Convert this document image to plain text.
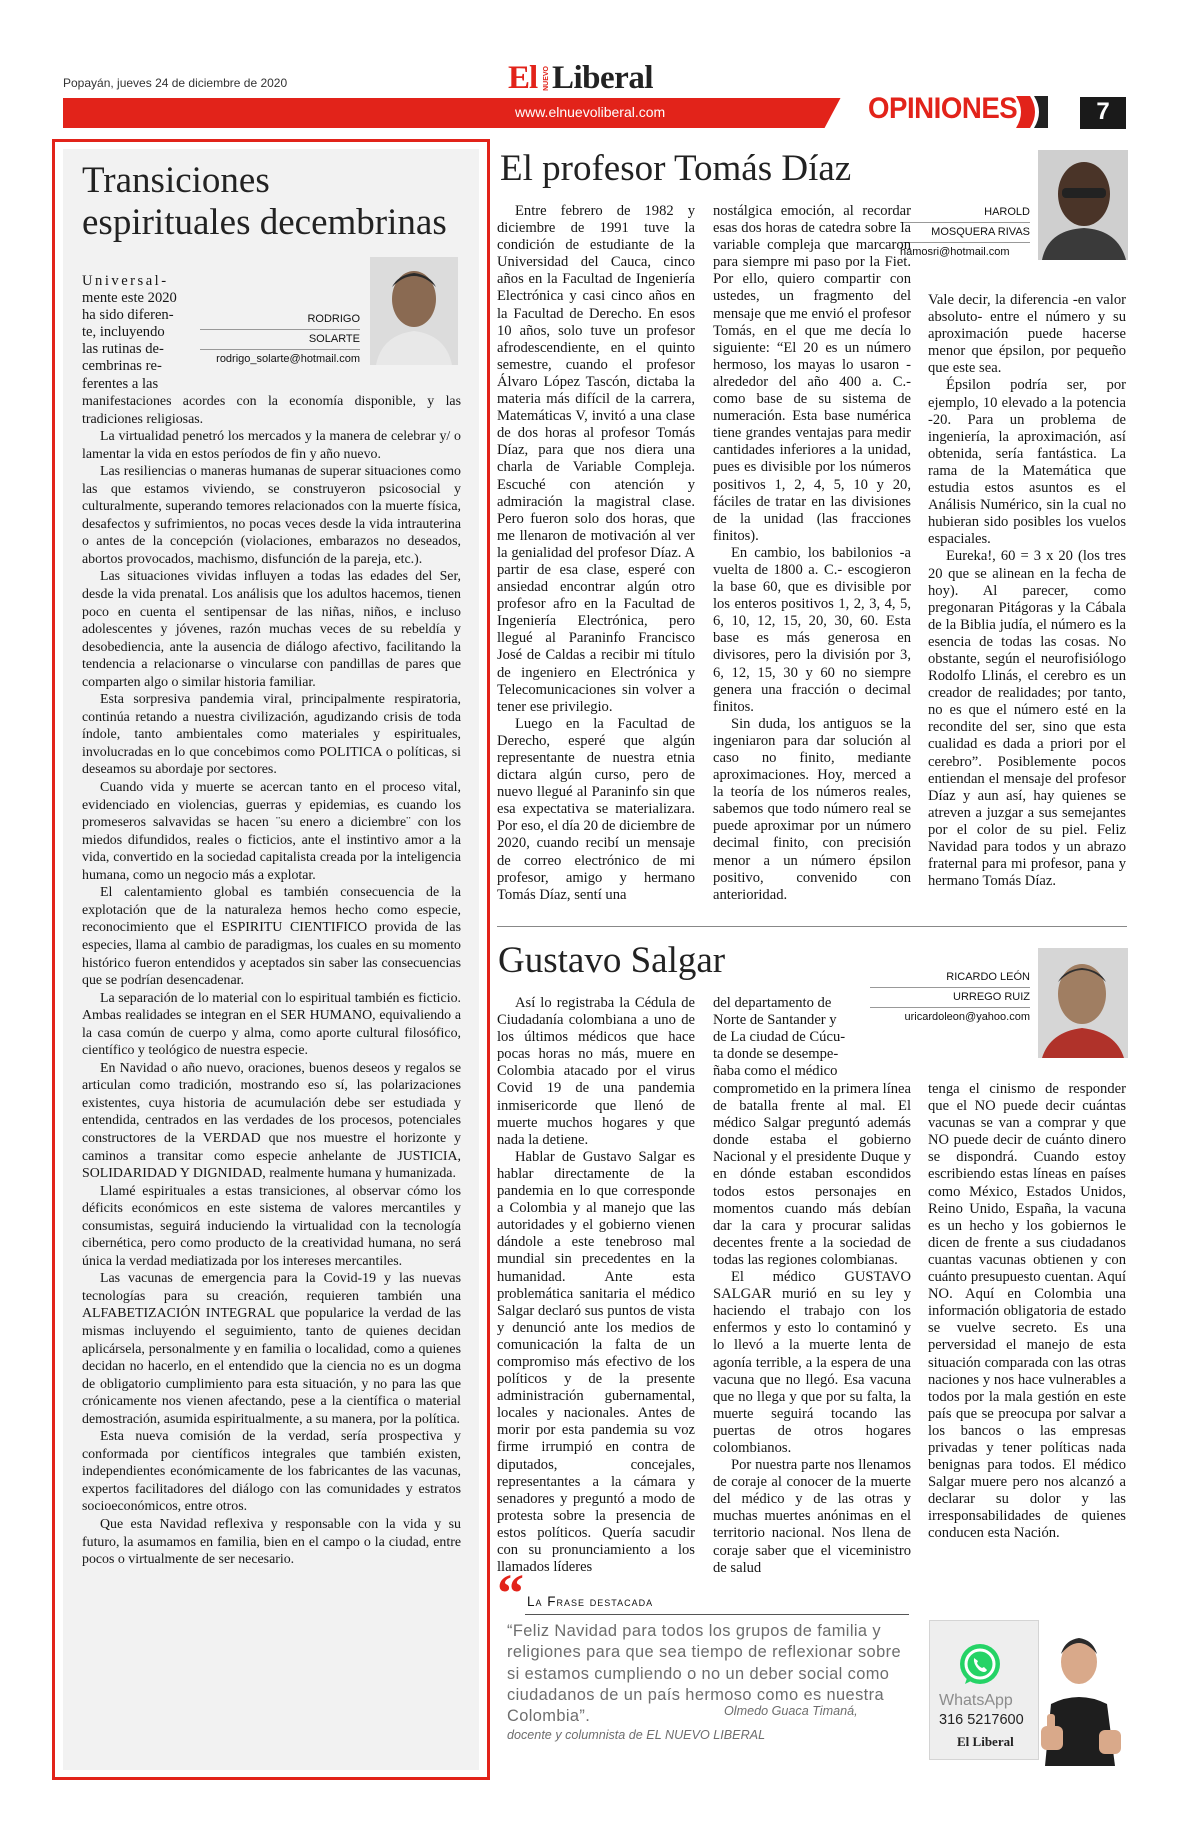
Popayán, jueves 24 de diciembre de 2020	El NUEVO Liberal
www.elnuevoliberal.com	OPINIONES	7
Transiciones
espirituales decembrinas
RODRIGO
SOLARTE
rodrigo_solarte@hotmail.com
Universal-
mente este 2020
ha sido diferen-
te, incluyendo
las rutinas de-
cembrinas re-
ferentes a las

manifestaciones acordes con la economía disponible, y las tradiciones religiosas.

La virtualidad penetró los mercados y la manera de celebrar y/ o lamentar la vida en estos períodos de fin y año nuevo.

Las resiliencias o maneras humanas de superar situaciones como las que estamos viviendo, se construyeron psicosocial y culturalmente, superando temores relacionados con la muerte física, desafectos y sufrimientos, no pocas veces desde la vida intrauterina o antes de la concepción (violaciones, embarazos no deseados, abortos provocados, machismo, disfunción de la pareja, etc.).

Las situaciones vividas influyen a todas las edades del Ser, desde la vida prenatal. Los análisis que los adultos hacemos, tienen poco en cuenta el sentipensar de las niñas, niños, e incluso adolescentes y jóvenes, razón muchas veces de su rebeldía y desobediencia, ante la ausencia de diálogo afectivo, facilitando la tendencia a relacionarse o vincularse con pandillas de pares que comparten algo o similar historia familiar.

Esta sorpresiva pandemia viral, principalmente respiratoria, continúa retando a nuestra civilización, agudizando crisis de toda índole, tanto ambientales como materiales y espirituales, involucradas en lo que concebimos como POLITICA o políticas, si deseamos su abordaje por sectores.

Cuando vida y muerte se acercan tanto en el proceso vital, evidenciado en violencias, guerras y epidemias, es cuando los promeseros salvavidas se hacen ¨su enero a diciembre¨ con los miedos difundidos, reales o ficticios, ante el instintivo amor a la vida, convertido en la sociedad capitalista creada por la inteligencia humana, como un negocio más a explotar.

El calentamiento global es también consecuencia de la explotación que de la naturaleza hemos hecho como especie, reconocimiento que el ESPIRITU CIENTIFICO provida de las especies, llama al cambio de paradigmas, los cuales en su momento histórico fueron entendidos y aceptados sin saber las consecuencias que se podrían desencadenar.

La separación de lo material con lo espiritual también es ficticio. Ambas realidades se integran en el SER HUMANO, equivaliendo a la casa común de cuerpo y alma, como aporte cultural filosófico, científico y teológico de nuestra especie.

En Navidad o año nuevo, oraciones, buenos deseos y regalos se articulan como tradición, mostrando eso sí, las polarizaciones existentes, cuya historia de acumulación debe ser estudiada y entendida, centrados en las verdades de los procesos, potenciales constructores de la VERDAD que nos muestre el horizonte y caminos a transitar como especie anhelante de JUSTICIA, SOLIDARIDAD Y DIGNIDAD, realmente humana y humanizada.

Llamé espirituales a estas transiciones, al observar cómo los déficits económicos en este sistema de valores mercantiles y consumistas, seguirá induciendo la virtualidad con la tecnología cibernética, pero como producto de la creatividad humana, no será única la verdad mediatizada por los intereses mercantiles.

Las vacunas de emergencia para la Covid-19 y las nuevas tecnologías para su creación, requieren también una ALFABETIZACIÓN INTEGRAL que popularice la verdad de las mismas incluyendo el seguimiento, tanto de quienes decidan aplicársela, personalmente y en familia o localidad, como a quienes decidan no hacerlo, en el entendido que la ciencia no es un dogma de obligatorio cumplimiento para esta situación, y no para las que crónicamente nos vienen afectando, pese a la científica o material demostración, asumida espiritualmente, a su manera, por la política.

Esta nueva comisión de la verdad, sería prospectiva y conformada por científicos integrales que también existen, independientes económicamente de los fabricantes de las vacunas, expertos facilitadores del diálogo con las comunidades y estratos socioeconómicos, entre otros.

Que esta Navidad reflexiva y responsable con la vida y su futuro, la asumamos en familia, bien en el campo o la ciudad, entre pocos o virtualmente de ser necesario.

El profesor Tomás Díaz
HAROLD
MOSQUERA RIVAS
hamosri@hotmail.com

Entre febrero de 1982 y diciembre de 1991 tuve la condición de estudiante de la Universidad del Cauca, cinco años en la Facultad de Ingeniería Electrónica y casi cinco años en la Facultad de Derecho. En esos 10 años, solo tuve un profesor afrodescendiente, en el quinto semestre, cuando el profesor Álvaro López Tascón, dictaba la materia más difícil de la carrera, Matemáticas V, invitó a una clase de dos horas al profesor Tomás Díaz, para que nos diera una charla de Variable Compleja. Escuché con atención y admiración la magistral clase. Pero fueron solo dos horas, que me llenaron de motivación al ver la genialidad del profesor Díaz. A partir de esa clase, esperé con ansiedad encontrar algún otro profesor afro en la Facultad de Ingeniería Electrónica, pero llegué al Paraninfo Francisco José de Caldas a recibir mi título de ingeniero en Electrónica y Telecomunicaciones sin volver a tener ese privilegio.

Luego en la Facultad de Derecho, esperé que algún representante de nuestra etnia dictara algún curso, pero de nuevo llegué al Paraninfo sin que esa expectativa se materializara. Por eso, el día 20 de diciembre de 2020, cuando recibí un mensaje de correo electrónico de mi profesor, amigo y hermano Tomás Díaz, sentí una

nostálgica emoción, al recordar esas dos horas de catedra sobre la variable compleja que marcaron para siempre mi paso por la Fiet. Por ello, quiero compartir con ustedes, un fragmento del mensaje que me envió el profesor Tomás, en el que me decía lo siguiente: “El 20 es un número hermoso, los mayas lo usaron -alrededor del año 400 a. C.- como base de su sistema de numeración. Esta base numérica tiene grandes ventajas para medir cantidades inferiores a la unidad, pues es divisible por los números positivos 1, 2, 4, 5, 10 y 20, fáciles de tratar en las divisiones de la unidad (las fracciones finitos).

En cambio, los babilonios -a vuelta de 1800 a. C.- escogieron la base 60, que es divisible por los enteros positivos 1, 2, 3, 4, 5, 6, 10, 12, 15, 20, 30, 60. Esta base es más generosa en divisores, pero la división por 3, 6, 12, 15, 30 y 60 no siempre genera una fracción o decimal finitos.

Sin duda, los antiguos se la ingeniaron para dar solución al caso no finito, mediante aproximaciones. Hoy, merced a la teoría de los números reales, sabemos que todo número real se puede aproximar por un número decimal finito, con precisión menor a un número épsilon positivo, convenido con anterioridad.

Vale decir, la diferencia -en valor absoluto- entre el número y su aproximación puede hacerse menor que épsilon, por pequeño que este sea.

Épsilon podría ser, por ejemplo, 10 elevado a la potencia -20. Para un problema de ingeniería, la aproximación, así obtenida, sería fantástica. La rama de la Matemática que estudia estos asuntos es el Análisis Numérico, sin la cual no hubieran sido posibles los vuelos espaciales.

Eureka!, 60 = 3 x 20 (los tres 20 que se alinean en la fecha de hoy). Al parecer, como pregonaran Pitágoras y la Cábala de la Biblia judía, el número es la esencia de todas las cosas. No obstante, según el neurofisiólogo Rodolfo Llinás, el cerebro es un creador de realidades; por tanto, no es que el número esté en la recondite del ser, sino que esta cualidad es dada a priori por el cerebro”. Posiblemente pocos entiendan el mensaje del profesor Díaz y aun así, hay quienes se atreven a juzgar a sus semejantes por el color de su piel. Feliz Navidad para todos y un abrazo fraternal para mi profesor, pana y hermano Tomás Díaz.

Gustavo Salgar	RICARDO LEÓN
URREGO RUIZ
uricardoleon@yahoo.com

Así lo registraba la Cédula de Ciudadanía colombiana a uno de los últimos médicos que hace pocas horas no más, muere en Colombia atacado por el virus Covid 19 de una pandemia inmisericorde que llenó de muerte muchos hogares y que nada la detiene.

Hablar de Gustavo Salgar es hablar directamente de la pandemia en lo que corresponde a Colombia y al manejo que las autoridades y el gobierno vienen dándole a este tenebroso mal mundial sin precedentes en la humanidad. Ante esta problemática sanitaria el médico Salgar declaró sus puntos de vista y denunció ante los medios de comunicación la falta de un compromiso más efectivo de los políticos y de la presente administración gubernamental, locales y nacionales. Antes de morir por esta pandemia su voz firme irrumpió en contra de diputados, concejales, representantes a la cámara y senadores y preguntó a modo de protesta sobre la presencia de estos políticos. Quería sacudir con su pronunciamiento a los llamados líderes

del departamento de
Norte de Santander y
de La ciudad de Cúcu-
ta donde se desempe-
ñaba como el médico

comprometido en la primera línea de batalla frente al mal. El médico Salgar preguntó además donde estaba el gobierno Nacional y el presidente Duque y en dónde estaban escondidos todos estos personajes en momentos cuando más debían dar la cara y procurar salidas decentes frente a la sociedad de todas las regiones colombianas.

El médico GUSTAVO SALGAR murió en su ley y haciendo el trabajo con los enfermos y esto lo contaminó y lo llevó a la muerte lenta de agonía terrible, a la espera de una vacuna que no llegó. Esa vacuna que no llega y que por su falta, la muerte seguirá tocando las puertas de otros hogares colombianos.

Por nuestra parte nos llenamos de coraje al conocer de la muerte del médico y de las otras y muchas muertes anónimas en el territorio nacional. Nos llena de coraje saber que el viceministro de salud

tenga el cinismo de responder que el NO puede decir cuántas vacunas se van a comprar y que NO puede decir de cuánto dinero se dispondrá. Cuando estoy escribiendo estas líneas en países como México, Estados Unidos, Reino Unido, España, la vacuna es un hecho y los gobiernos le dicen de frente a sus ciudadanos cuantas vacunas obtienen y con cuánto presupuesto cuentan. Aquí NO. Aquí en Colombia una información obligatoria de estado se vuelve secreto. Es una perversidad el manejo de esta situación comparada con las otras naciones y nos hace vulnerables a todos por la mala gestión en este país que se preocupa por salvar a los bancos o las empresas privadas y tener políticas nada benignas para todos. El médico Salgar muere pero nos alcanzó a declarar su dolor y las irresponsabilidades de quienes conducen esta Nación.

“ La Frase destacada
“Feliz Navidad para todos los grupos de familia y religiones para que sea tiempo de reflexionar sobre si estamos cumpliendo o no un deber social como ciudadanos de un país hermoso como es nuestra Colombia”.	Olmedo Guaca Timaná,
docente y columnista de EL NUEVO LIBERAL
WhatsApp
316 5217600
El Liberal
